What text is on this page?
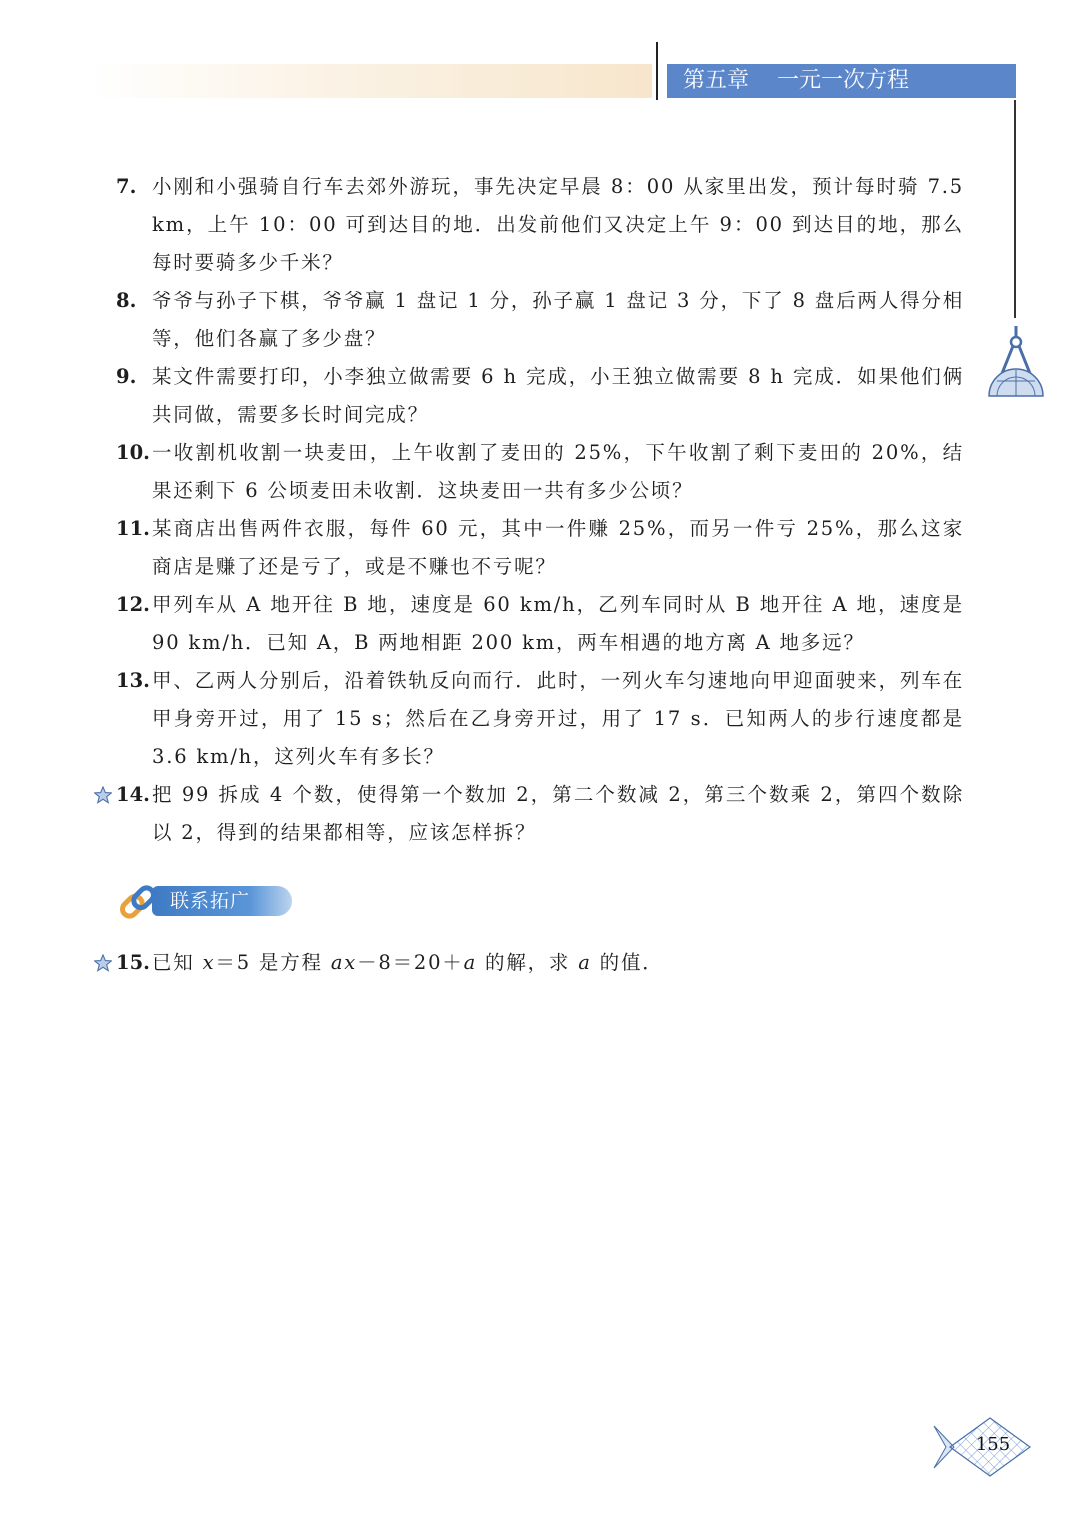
第五章    一元一次方程
7. 小刚和小强骑自行车去郊外游玩，事先决定早晨 8：00 从家里出发，预计每时骑 7.5 km，上午 10：00 可到达目的地．出发前他们又决定上午 9：00 到达目的地，那么每时要骑多少千米？
8. 爷爷与孙子下棋，爷爷赢 1 盘记 1 分，孙子赢 1 盘记 3 分，下了 8 盘后两人得分相等，他们各赢了多少盘？
9. 某文件需要打印，小李独立做需要 6 h 完成，小王独立做需要 8 h 完成．如果他们俩共同做，需要多长时间完成？
10. 一收割机收割一块麦田，上午收割了麦田的 25%，下午收割了剩下麦田的 20%，结果还剩下 6 公顷麦田未收割．这块麦田一共有多少公顷？
11. 某商店出售两件衣服，每件 60 元，其中一件赚 25%，而另一件亏 25%，那么这家商店是赚了还是亏了，或是不赚也不亏呢？
12. 甲列车从 A 地开往 B 地，速度是 60 km/h，乙列车同时从 B 地开往 A 地，速度是 90 km/h．已知 A，B 两地相距 200 km，两车相遇的地方离 A 地多远？
13. 甲、乙两人分别后，沿着铁轨反向而行．此时，一列火车匀速地向甲迎面驶来，列车在甲身旁开过，用了 15 s；然后在乙身旁开过，用了 17 s．已知两人的步行速度都是 3.6 km/h，这列火车有多长？
14. 把 99 拆成 4 个数，使得第一个数加 2，第二个数减 2，第三个数乘 2，第四个数除以 2，得到的结果都相等，应该怎样拆？
联系拓广
15. 已知 x＝5 是方程 ax－8＝20＋a 的解，求 a 的值．
155
